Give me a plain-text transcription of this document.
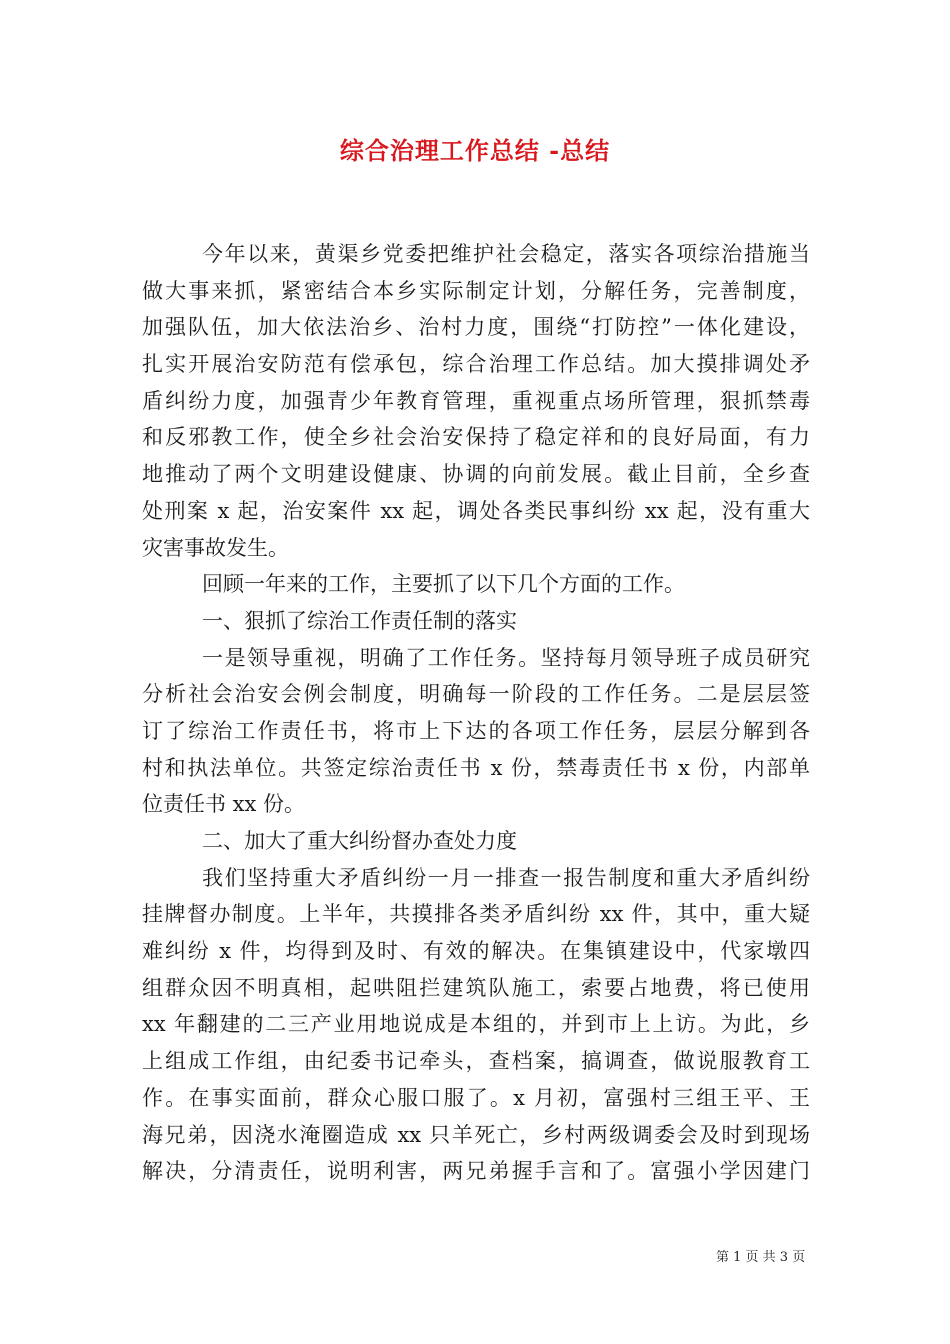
综合治理工作总结 -总结
今年以来，黄渠乡党委把维护社会稳定，落实各项综治措施当
做大事来抓，紧密结合本乡实际制定计划，分解任务，完善制度，
加强队伍，加大依法治乡、治村力度，围绕“打防控”一体化建设，
扎实开展治安防范有偿承包，综合治理工作总结。加大摸排调处矛
盾纠纷力度，加强青少年教育管理，重视重点场所管理，狠抓禁毒
和反邪教工作，使全乡社会治安保持了稳定祥和的良好局面，有力
地推动了两个文明建设健康、协调的向前发展。截止目前，全乡查
处刑案 x 起，治安案件 xx 起，调处各类民事纠纷 xx 起，没有重大
灾害事故发生。
回顾一年来的工作，主要抓了以下几个方面的工作。
一、狠抓了综治工作责任制的落实
一是领导重视，明确了工作任务。坚持每月领导班子成员研究
分析社会治安会例会制度，明确每一阶段的工作任务。二是层层签
订了综治工作责任书，将市上下达的各项工作任务，层层分解到各
村和执法单位。共签定综治责任书 x 份，禁毒责任书 x 份，内部单
位责任书 xx 份。
二、加大了重大纠纷督办查处力度
我们坚持重大矛盾纠纷一月一排查一报告制度和重大矛盾纠纷
挂牌督办制度。上半年，共摸排各类矛盾纠纷 xx 件，其中，重大疑
难纠纷 x 件，均得到及时、有效的解决。在集镇建设中，代家墩四
组群众因不明真相，起哄阻拦建筑队施工，索要占地费，将已使用
xx 年翻建的二三产业用地说成是本组的，并到市上上访。为此，乡
上组成工作组，由纪委书记牵头，查档案，搞调查，做说服教育工
作。在事实面前，群众心服口服了。x 月初，富强村三组王平、王
海兄弟，因浇水淹圈造成 xx 只羊死亡，乡村两级调委会及时到现场
解决，分清责任，说明利害，两兄弟握手言和了。富强小学因建门
第 1 页 共 3 页
